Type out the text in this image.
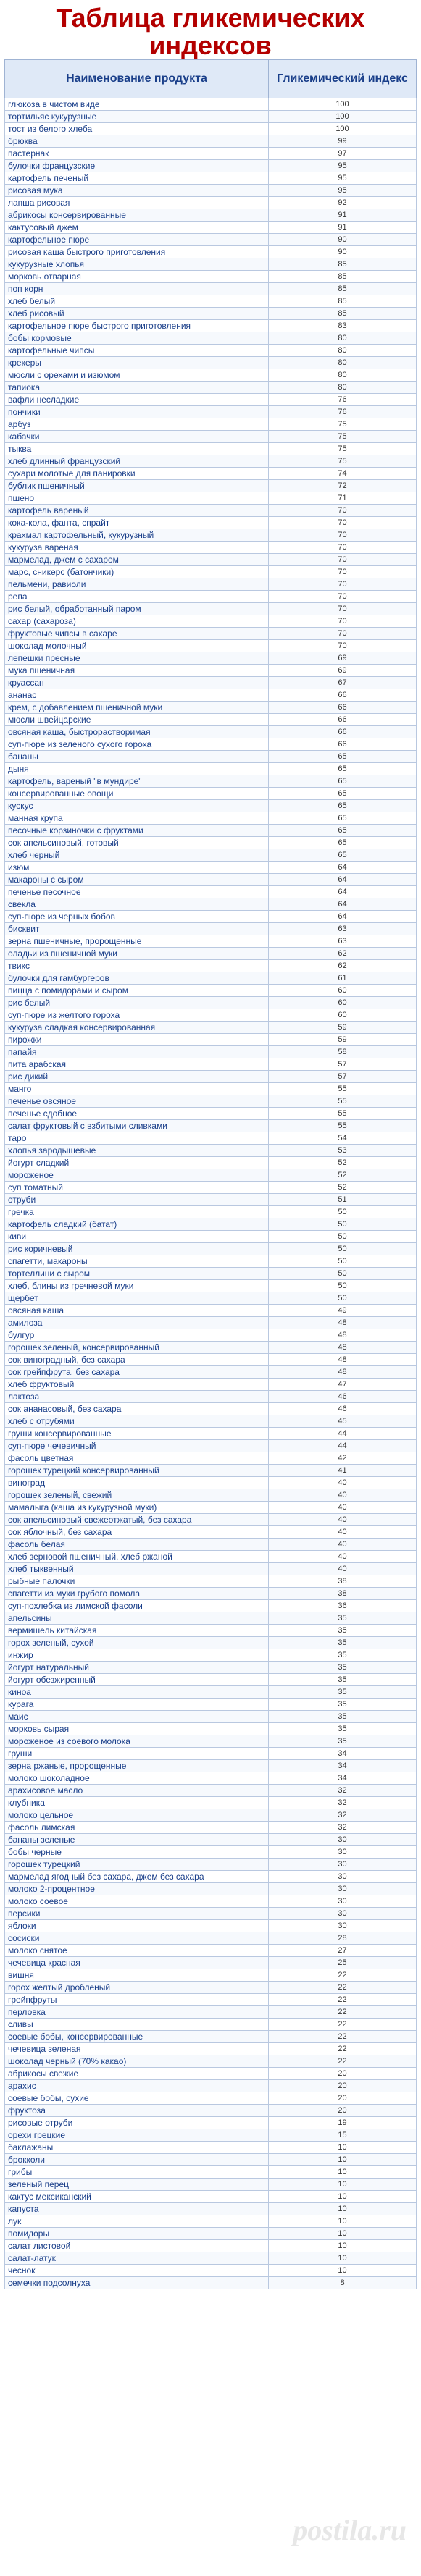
Таблица гликемических
индексов
Наименование продукта	Гликемический индекс
глюкоза в чистом виде	100
тортильяс кукурузные	100
тост из белого хлеба	100
брюква	99
пастернак	97
булочки французские	95
картофель печеный	95
рисовая мука	95
лапша рисовая	92
абрикосы консервированные	91
кактусовый джем	91
картофельное пюре	90
рисовая каша быстрого приготовления	90
кукурузные хлопья	85
морковь отварная	85
поп корн	85
хлеб белый	85
хлеб рисовый	85
картофельное пюре быстрого приготовления	83
бобы кормовые	80
картофельные чипсы	80
крекеры	80
мюсли с орехами и изюмом	80
тапиока	80
вафли несладкие	76
пончики	76
арбуз	75
кабачки	75
тыква	75
хлеб длинный французский	75
сухари молотые для панировки	74
бублик пшеничный	72
пшено	71
картофель вареный	70
кока-кола, фанта, спрайт	70
крахмал картофельный, кукурузный	70
кукуруза вареная	70
мармелад, джем с сахаром	70
марс, сникерс (батончики)	70
пельмени, равиоли	70
репа	70
рис белый, обработанный паром	70
сахар (сахароза)	70
фруктовые чипсы в сахаре	70
шоколад молочный	70
лепешки пресные	69
мука пшеничная	69
круассан	67
ананас	66
крем, с добавлением пшеничной муки	66
мюсли швейцарские	66
овсяная каша, быстрорастворимая	66
суп-пюре из зеленого сухого гороха	66
бананы	65
дыня	65
картофель, вареный "в мундире"	65
консервированные овощи	65
кускус	65
манная крупа	65
песочные корзиночки с фруктами	65
сок апельсиновый, готовый	65
хлеб черный	65
изюм	64
макароны с сыром	64
печенье песочное	64
свекла	64
суп-пюре из черных бобов	64
бисквит	63
зерна пшеничные, пророщенные	63
оладьи из пшеничной муки	62
твикс	62
булочки для гамбургеров	61
пицца с помидорами и сыром	60
рис белый	60
суп-пюре из желтого гороха	60
кукуруза сладкая консервированная	59
пирожки	59
папайя	58
пита арабская	57
рис дикий	57
манго	55
печенье овсяное	55
печенье сдобное	55
салат фруктовый с взбитыми сливками	55
таро	54
хлопья зародышевые	53
йогурт сладкий	52
мороженое	52
суп томатный	52
отруби	51
гречка	50
картофель сладкий (батат)	50
киви	50
рис коричневый	50
спагетти, макароны	50
тортеллини с сыром	50
хлеб, блины из гречневой муки	50
щербет	50
овсяная каша	49
амилоза	48
булгур	48
горошек зеленый, консервированный	48
сок виноградный, без сахара	48
сок грейпфрута, без сахара	48
хлеб фруктовый	47
лактоза	46
сок ананасовый, без сахара	46
хлеб с отрубями	45
груши консервированные	44
суп-пюре чечевичный	44
фасоль цветная	42
горошек турецкий консервированный	41
виноград	40
горошек зеленый, свежий	40
мамалыга (каша из кукурузной муки)	40
сок апельсиновый свежеотжатый, без сахара	40
сок яблочный, без сахара	40
фасоль белая	40
хлеб зерновой пшеничный, хлеб ржаной	40
хлеб тыквенный	40
рыбные палочки	38
спагетти из муки грубого помола	38
суп-похлебка из лимской фасоли	36
апельсины	35
вермишель китайская	35
горох зеленый, сухой	35
инжир	35
йогурт натуральный	35
йогурт обезжиренный	35
киноа	35
курага	35
маис	35
морковь сырая	35
мороженое из соевого молока	35
груши	34
зерна ржаные, пророщенные	34
молоко шоколадное	34
арахисовое масло	32
клубника	32
молоко цельное	32
фасоль лимская	32
бананы зеленые	30
бобы черные	30
горошек турецкий	30
мармелад ягодный без сахара, джем без сахара	30
молоко 2-процентное	30
молоко соевое	30
персики	30
яблоки	30
сосиски	28
молоко снятое	27
чечевица красная	25
вишня	22
горох желтый дробленый	22
грейпфруты	22
перловка	22
сливы	22
соевые бобы, консервированные	22
чечевица зеленая	22
шоколад черный (70% какао)	22
абрикосы свежие	20
арахис	20
соевые бобы, сухие	20
фруктоза	20
рисовые отруби	19
орехи грецкие	15
баклажаны	10
брокколи	10
грибы	10
зеленый перец	10
кактус мексиканский	10
капуста	10
лук	10
помидоры	10
салат листовой	10
салат-латук	10
чеснок	10
семечки подсолнуха	8
postila.ru
